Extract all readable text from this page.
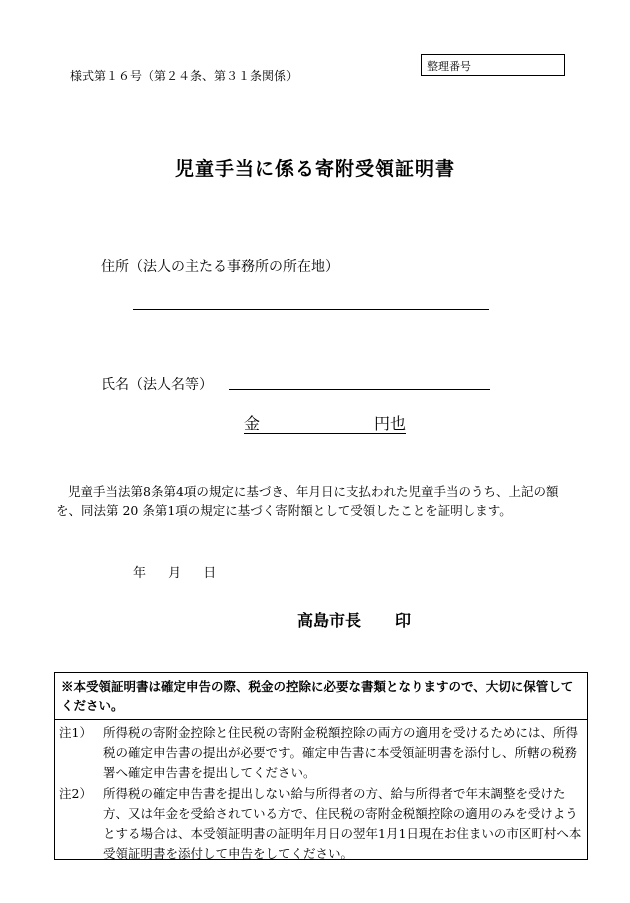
様式第１６号（第２４条、第３１条関係）
整理番号
児童手当に係る寄附受領証明書
住所（法人の主たる事務所の所在地）
氏名（法人名等）
金	円也
児童手当法第8条第4項の規定に基づき、年月日に支払われた児童手当のうち、上記の額を、同法第 20 条第1項の規定に基づく寄附額として受領したことを証明します。
年 月 日
高島市長 印
※本受領証明書は確定申告の際、税金の控除に必要な書類となりますので、大切に保管してください。
注1） 所得税の寄附金控除と住民税の寄附金税額控除の両方の適用を受けるためには、所得税の確定申告書の提出が必要です。確定申告書に本受領証明書を添付し、所轄の税務署へ確定申告書を提出してください。
注2） 所得税の確定申告書を提出しない給与所得者の方、給与所得者で年末調整を受けた方、又は年金を受給されている方で、住民税の寄附金税額控除の適用のみを受けようとする場合は、本受領証明書の証明年月日の翌年1月1日現在お住まいの市区町村へ本受領証明書を添付して申告をしてください。
